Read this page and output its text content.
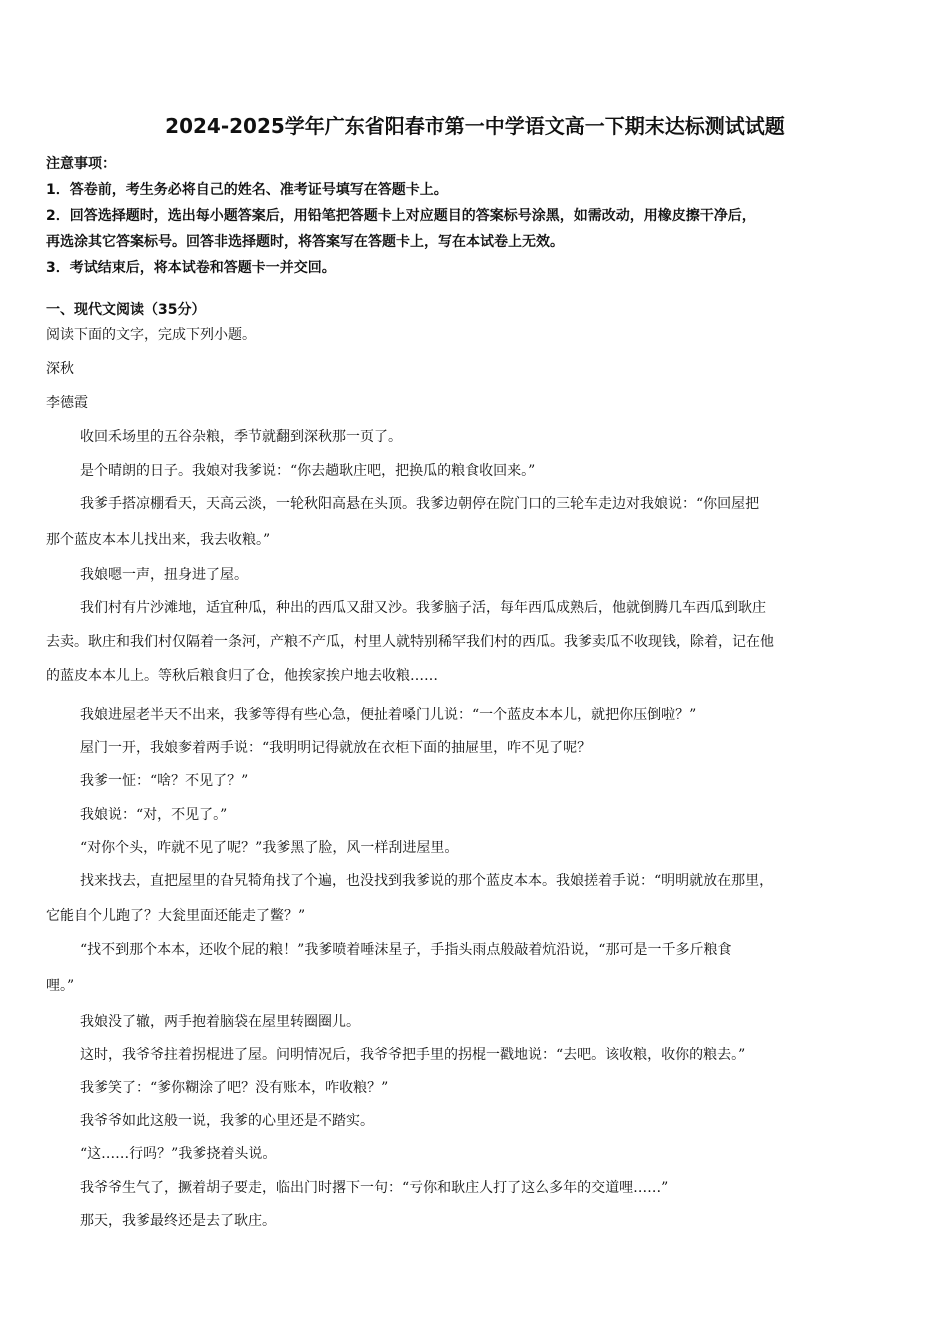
2024-2025学年广东省阳春市第一中学语文高一下期末达标测试试题
注意事项：
1．答卷前，考生务必将自己的姓名、准考证号填写在答题卡上。
2．回答选择题时，选出每小题答案后，用铅笔把答题卡上对应题目的答案标号涂黑，如需改动，用橡皮擦干净后，
再选涂其它答案标号。回答非选择题时，将答案写在答题卡上，写在本试卷上无效。
3．考试结束后，将本试卷和答题卡一并交回。
一、现代文阅读（35分）
阅读下面的文字，完成下列小题。
深秋
李德霞
收回禾场里的五谷杂粮，季节就翻到深秋那一页了。
是个晴朗的日子。我娘对我爹说：“你去趟耿庄吧，把换瓜的粮食收回来。”
我爹手搭凉棚看天，天高云淡，一轮秋阳高悬在头顶。我爹边朝停在院门口的三轮车走边对我娘说：“你回屋把
那个蓝皮本本儿找出来，我去收粮。”
我娘嗯一声，扭身进了屋。
我们村有片沙滩地，适宜种瓜，种出的西瓜又甜又沙。我爹脑子活，每年西瓜成熟后，他就倒腾几车西瓜到耿庄
去卖。耿庄和我们村仅隔着一条河，产粮不产瓜，村里人就特别稀罕我们村的西瓜。我爹卖瓜不收现钱，除着，记在他
的蓝皮本本儿上。等秋后粮食归了仓，他挨家挨户地去收粮……
我娘进屋老半天不出来，我爹等得有些心急，便扯着嗓门儿说：“一个蓝皮本本儿，就把你压倒啦？”
屋门一开，我娘奓着两手说：“我明明记得就放在衣柜下面的抽屉里，咋不见了呢？
我爹一怔：“啥？不见了？”
我娘说：“对，不见了。”
“对你个头，咋就不见了呢？”我爹黑了脸，风一样刮进屋里。
找来找去，直把屋里的旮旯犄角找了个遍，也没找到我爹说的那个蓝皮本本。我娘搓着手说：“明明就放在那里，
它能自个儿跑了？大瓮里面还能走了鳖？”
“找不到那个本本，还收个屁的粮！”我爹喷着唾沫星子，手指头雨点般敲着炕沿说，“那可是一千多斤粮食
哩。”
我娘没了辙，两手抱着脑袋在屋里转圈圈儿。
这时，我爷爷拄着拐棍进了屋。问明情况后，我爷爷把手里的拐棍一戳地说：“去吧。该收粮，收你的粮去。”
我爹笑了：“爹你糊涂了吧？没有账本，咋收粮？”
我爷爷如此这般一说，我爹的心里还是不踏实。
“这……行吗？”我爹挠着头说。
我爷爷生气了，撅着胡子要走，临出门时撂下一句：“亏你和耿庄人打了这么多年的交道哩……”
那天，我爹最终还是去了耿庄。
